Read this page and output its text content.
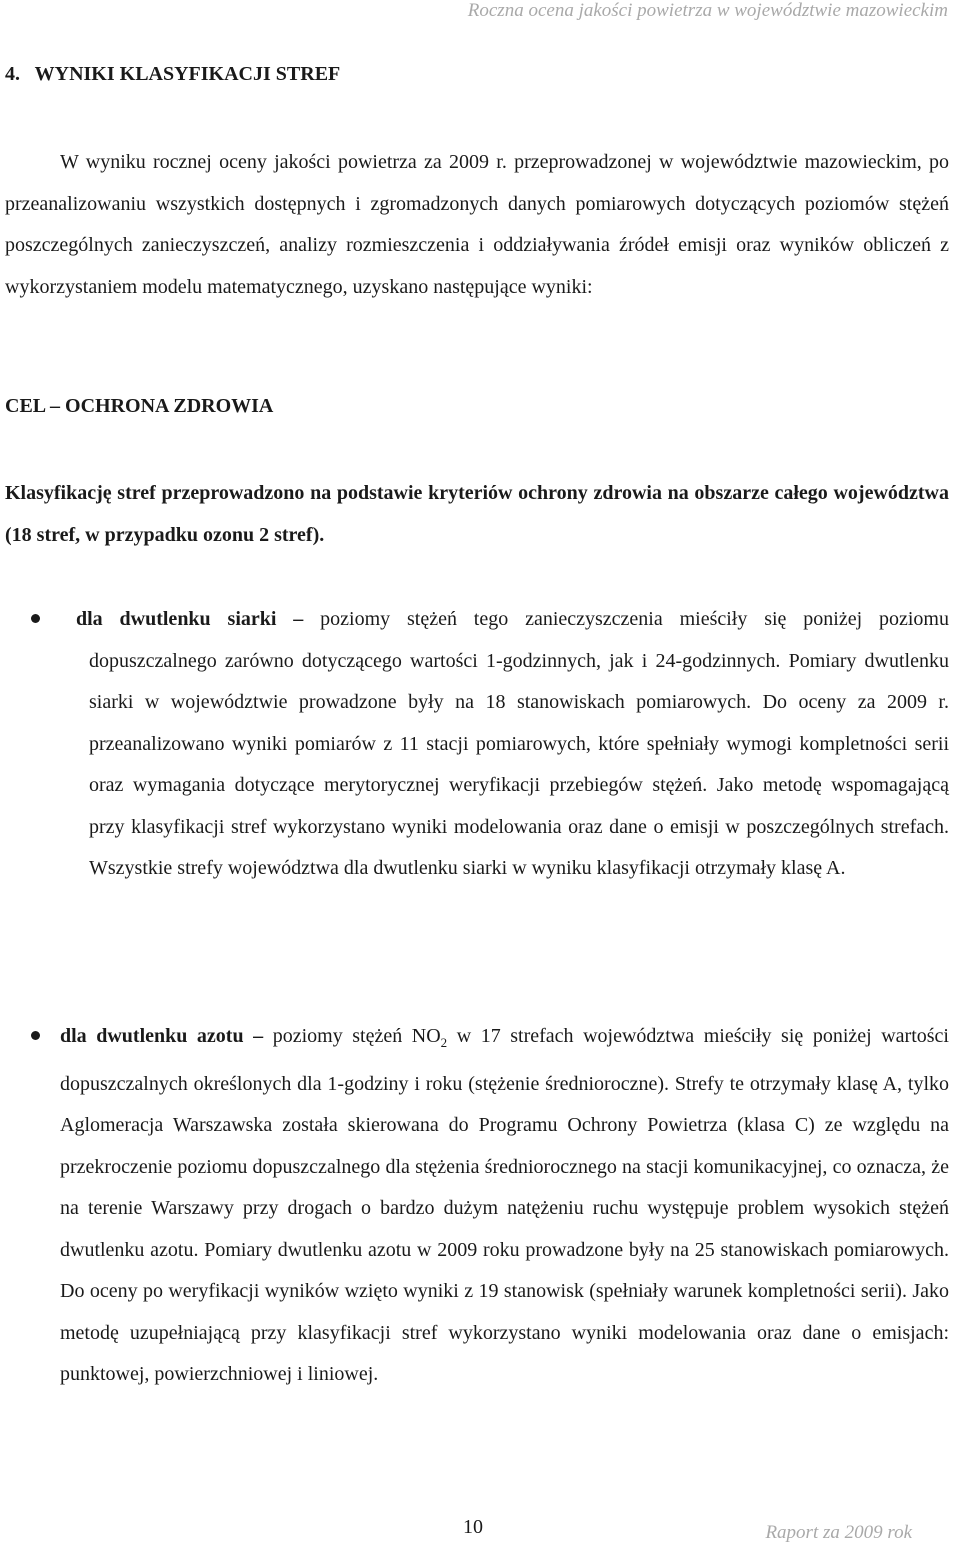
Roczna ocena jakości powietrza w województwie mazowieckim
4.   WYNIKI KLASYFIKACJI STREF

W wyniku rocznej oceny jakości powietrza za 2009 r. przeprowadzonej w województwie mazowieckim, po przeanalizowaniu wszystkich dostępnych i zgromadzonych danych pomiarowych dotyczących poziomów stężeń poszczególnych zanieczyszczeń, analizy rozmieszczenia i oddziaływania źródeł emisji oraz wyników obliczeń z wykorzystaniem modelu matematycznego, uzyskano następujące wyniki:

CEL – OCHRONA ZDROWIA

Klasyfikację stref przeprowadzono na podstawie kryteriów ochrony zdrowia na obszarze całego województwa (18 stref, w przypadku ozonu 2 stref).

dla dwutlenku siarki – poziomy stężeń tego zanieczyszczenia mieściły się poniżej poziomu dopuszczalnego zarówno dotyczącego wartości 1-godzinnych, jak i 24-godzinnych. Pomiary dwutlenku siarki w województwie prowadzone były na 18 stanowiskach pomiarowych. Do oceny za 2009 r. przeanalizowano wyniki pomiarów z 11 stacji pomiarowych, które spełniały wymogi kompletności serii oraz wymagania dotyczące merytorycznej weryfikacji przebiegów stężeń. Jako metodę wspomagającą przy klasyfikacji stref wykorzystano wyniki modelowania oraz dane o emisji w poszczególnych strefach. Wszystkie strefy województwa dla dwutlenku siarki w wyniku klasyfikacji otrzymały klasę A.

dla dwutlenku azotu – poziomy stężeń $NO_2$ w 17 strefach województwa mieściły się poniżej wartości dopuszczalnych określonych dla 1-godziny i roku (stężenie średnioroczne). Strefy te otrzymały klasę A, tylko Aglomeracja Warszawska została skierowana do Programu Ochrony Powietrza (klasa C) ze względu na przekroczenie poziomu dopuszczalnego dla stężenia średniorocznego na stacji komunikacyjnej, co oznacza, że na terenie Warszawy przy drogach o bardzo dużym natężeniu ruchu występuje problem wysokich stężeń dwutlenku azotu. Pomiary dwutlenku azotu w 2009 roku prowadzone były na 25 stanowiskach pomiarowych. Do oceny po weryfikacji wyników wzięto wyniki z 19 stanowisk (spełniały warunek kompletności serii). Jako metodę uzupełniającą przy klasyfikacji stref wykorzystano wyniki modelowania oraz dane o emisjach: punktowej, powierzchniowej i liniowej.

10	Raport za 2009 rok
